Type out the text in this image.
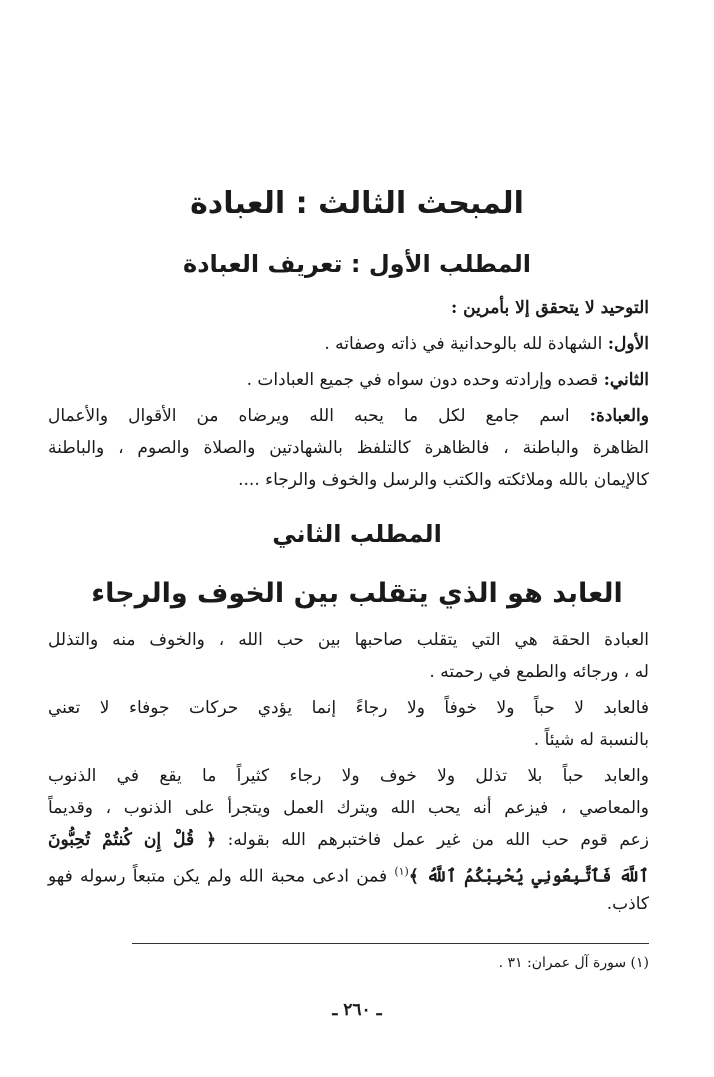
المبحث الثالث : العبادة
المطلب الأول : تعريف العبادة
التوحيد لا يتحقق إلا بأمرين :
الأول: الشهادة لله بالوحدانية في ذاته وصفاته .
الثاني: قصده وإرادته وحده دون سواه في جميع العبادات .
والعبادة: اسم جامع لكل ما يحبه الله ويرضاه من الأقوال والأعمال
الظاهرة والباطنة ، فالظاهرة كالتلفظ بالشهادتين والصلاة والصوم ، والباطنة
كالإيمان بالله وملائكته والكتب والرسل والخوف والرجاء ....
المطلب الثاني
العابد هو الذي يتقلب بين الخوف والرجاء
العبادة الحقة هي التي يتقلب صاحبها بين حب الله ، والخوف منه والتذلل
له ، ورجائه والطمع في رحمته .
فالعابد لا حباً ولا خوفاً ولا رجاءً إنما يؤدي حركات جوفاء لا تعني
بالنسبة له شيئاً .
والعابد حباً بلا تذلل ولا خوف ولا رجاء كثيراً ما يقع في الذنوب
والمعاصي ، فيزعم أنه يحب الله ويترك العمل ويتجرأ على الذنوب ، وقديماً
زعم قوم حب الله من غير عمل فاختبرهم الله بقوله: ﴿ قُلْ إِن كُنتُمْ تُحِبُّونَ
ٱللَّهَ فَٱتَّبِعُونِي يُحْبِبْكُمُ ٱللَّهُ ﴾$^{(١)}$ فمن ادعى محبة الله ولم يكن متبعاً رسوله فهو
كاذب.
(١) سورة آل عمران: ٣١ .
ـ ٢٦٠ ـ
